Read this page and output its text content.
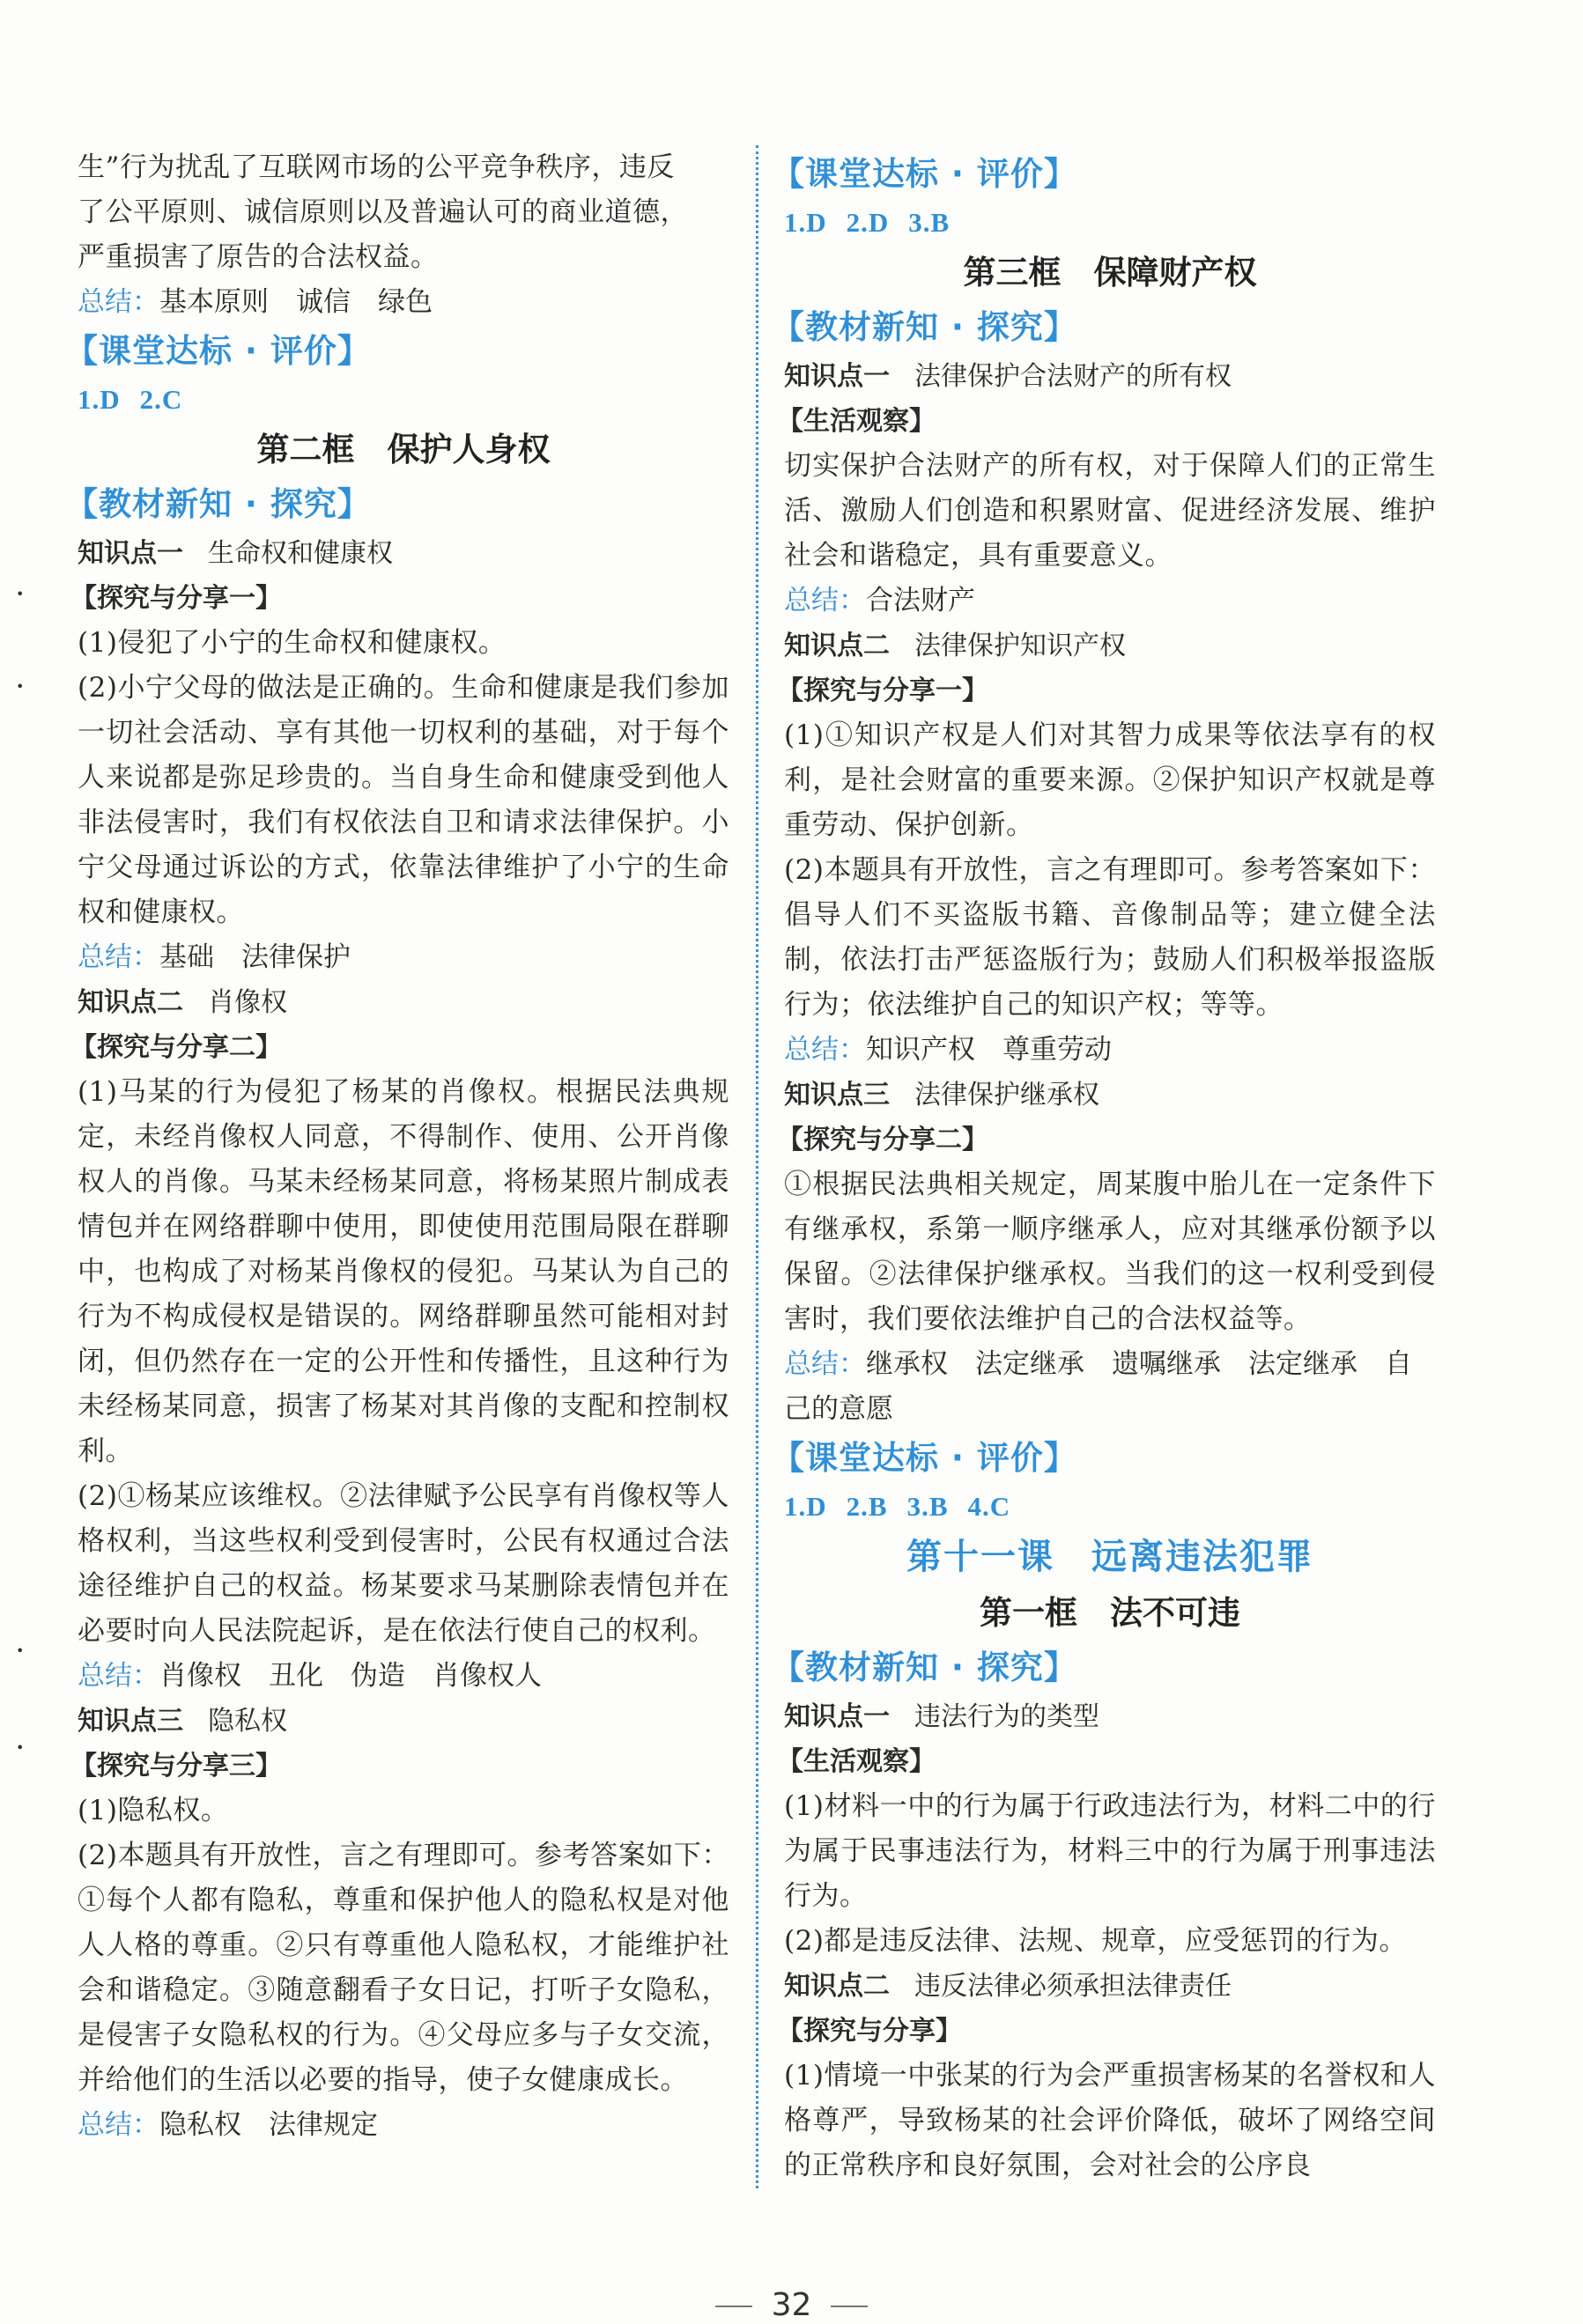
生”行为扰乱了互联网市场的公平竞争秩序，违反
了公平原则、诚信原则以及普遍认可的商业道德，
严重损害了原告的合法权益。
总结 ： 基本原则　诚信　绿色
【课堂达标 · 评价】
1.D 2.C
第二框　保护人身权
【教材新知 · 探究】
知识点一 生命权和健康权
【探究与分享一】
(1)侵犯了小宁的生命权和健康权。
(2)小宁父母的做法是正确的。生命和健康是我们参加一切社会活动、享有其他一切权利的基础，对于每个人来说都是弥足珍贵的。当自身生命和健康受到他人非法侵害时，我们有权依法自卫和请求法律保护。小宁父母通过诉讼的方式，依靠法律维护了小宁的生命权和健康权。
总结 ： 基础　法律保护
知识点二 肖像权
【探究与分享二】
(1)马某的行为侵犯了杨某的肖像权。根据民法典规定，未经肖像权人同意，不得制作、使用、公开肖像权人的肖像。马某未经杨某同意，将杨某照片制成表情包并在网络群聊中使用，即使使用范围局限在群聊中，也构成了对杨某肖像权的侵犯。马某认为自己的行为不构成侵权是错误的。网络群聊虽然可能相对封闭，但仍然存在一定的公开性和传播性，且这种行为未经杨某同意，损害了杨某对其肖像的支配和控制权利。
(2)①杨某应该维权。②法律赋予公民享有肖像权等人格权利，当这些权利受到侵害时，公民有权通过合法途径维护自己的权益。杨某要求马某删除表情包并在必要时向人民法院起诉，是在依法行使自己的权利。
总结 ： 肖像权　丑化　伪造　肖像权人
知识点三 隐私权
【探究与分享三】
(1)隐私权。
(2)本题具有开放性，言之有理即可。参考答案如下：①每个人都有隐私，尊重和保护他人的隐私权是对他人人格的尊重。②只有尊重他人隐私权，才能维护社会和谐稳定。③随意翻看子女日记，打听子女隐私，是侵害子女隐私权的行为。④父母应多与子女交流，并给他们的生活以必要的指导，使子女健康成长。
总结 ： 隐私权　法律规定
【课堂达标 · 评价】
1.D 2.D 3.B
第三框　保障财产权
【教材新知 · 探究】
知识点一 法律保护合法财产的所有权
【生活观察】
切实保护合法财产的所有权，对于保障人们的正常生活、激励人们创造和积累财富、促进经济发展、维护社会和谐稳定，具有重要意义。
总结 ： 合法财产
知识点二 法律保护知识产权
【探究与分享一】
(1)①知识产权是人们对其智力成果等依法享有的权利，是社会财富的重要来源。②保护知识产权就是尊重劳动、保护创新。
(2)本题具有开放性，言之有理即可。参考答案如下：倡导人们不买盗版书籍、音像制品等；建立健全法制，依法打击严惩盗版行为；鼓励人们积极举报盗版行为；依法维护自己的知识产权；等等。
总结 ： 知识产权　尊重劳动
知识点三 法律保护继承权
【探究与分享二】
①根据民法典相关规定，周某腹中胎儿在一定条件下有继承权，系第一顺序继承人，应对其继承份额予以保留。②法律保护继承权。当我们的这一权利受到侵害时，我们要依法维护自己的合法权益等。
总结 ： 继承权　法定继承　遗嘱继承　法定继承　自己的意愿
【课堂达标 · 评价】
1.D 2.B 3.B 4.C
第十一课　远离违法犯罪
第一框　法不可违
【教材新知 · 探究】
知识点一 违法行为的类型
【生活观察】
(1)材料一中的行为属于行政违法行为，材料二中的行为属于民事违法行为，材料三中的行为属于刑事违法行为。
(2)都是违反法律、法规、规章，应受惩罚的行为。
知识点二 违反法律必须承担法律责任
【探究与分享】
(1)情境一中张某的行为会严重损害杨某的名誉权和人格尊严，导致杨某的社会评价降低，破坏了网络空间的正常秩序和良好氛围，会对社会的公序良
•
•
•
•
32
